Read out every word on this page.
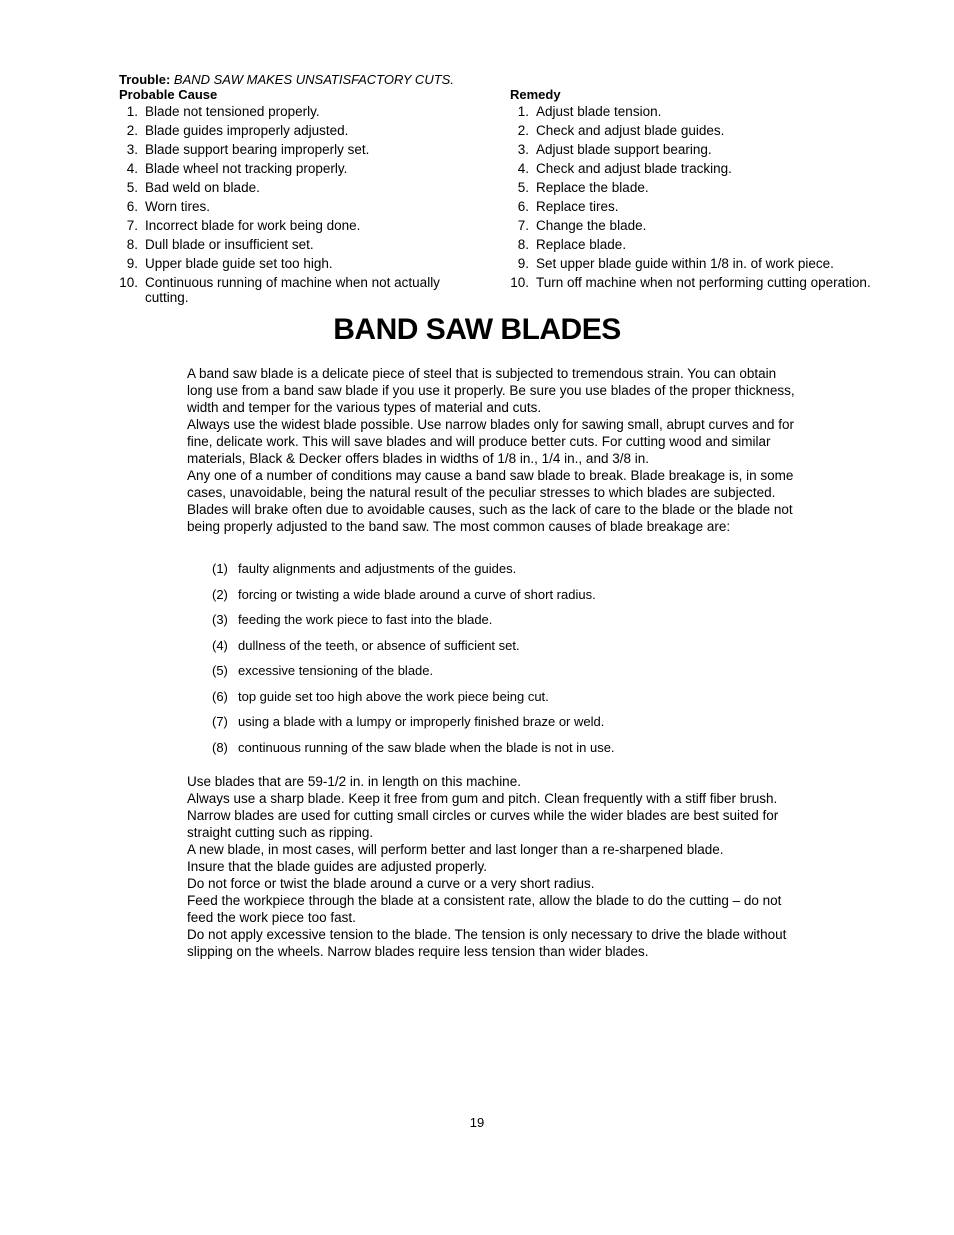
Trouble: BAND SAW MAKES UNSATISFACTORY CUTS.
Probable Cause	Remedy
1. Blade not tensioned properly.
2. Blade guides improperly adjusted.
3. Blade support bearing improperly set.
4. Blade wheel not tracking properly.
5. Bad weld on blade.
6. Worn tires.
7. Incorrect blade for work being done.
8. Dull blade or insufficient set.
9. Upper blade guide set too high.
10. Continuous running of machine when not actually cutting.
1. Adjust blade tension.
2. Check and adjust blade guides.
3. Adjust blade support bearing.
4. Check and adjust blade tracking.
5. Replace the blade.
6. Replace tires.
7. Change the blade.
8. Replace blade.
9. Set upper blade guide within 1/8 in. of work piece.
10. Turn off machine when not performing cutting operation.
BAND SAW BLADES

A band saw blade is a delicate piece of steel that is subjected to tremendous strain. You can obtain long use from a band saw blade if you use it properly. Be sure you use blades of the proper thickness, width and temper for the various types of material and cuts.

Always use the widest blade possible. Use narrow blades only for sawing small, abrupt curves and for fine, delicate work. This will save blades and will produce better cuts. For cutting wood and similar materials, Black & Decker offers blades in widths of 1/8 in., 1/4 in., and 3/8 in.

Any one of a number of conditions may cause a band saw blade to break. Blade breakage is, in some cases, unavoidable, being the natural result of the peculiar stresses to which blades are subjected. Blades will brake often due to avoidable causes, such as the lack of care to the blade or the blade not being properly adjusted to the band saw. The most common causes of blade breakage are:

(1) faulty alignments and adjustments of the guides.
(2) forcing or twisting a wide blade around a curve of short radius.
(3) feeding the work piece to fast into the blade.
(4) dullness of the teeth, or absence of sufficient set.
(5) excessive tensioning of the blade.
(6) top guide set too high above the work piece being cut.
(7) using a blade with a lumpy or improperly finished braze or weld.
(8) continuous running of the saw blade when the blade is not in use.

Use blades that are 59-1/2 in. in length on this machine.

Always use a sharp blade. Keep it free from gum and pitch. Clean frequently with a stiff fiber brush.

Narrow blades are used for cutting small circles or curves while the wider blades are best suited for straight cutting such as ripping.

A new blade, in most cases, will perform better and last longer than a re-sharpened blade.

Insure that the blade guides are adjusted properly.

Do not force or twist the blade around a curve or a very short radius.

Feed the workpiece through the blade at a consistent rate, allow the blade to do the cutting – do not feed the work piece too fast.

Do not apply excessive tension to the blade. The tension is only necessary to drive the blade without slipping on the wheels. Narrow blades require less tension than wider blades.

19
